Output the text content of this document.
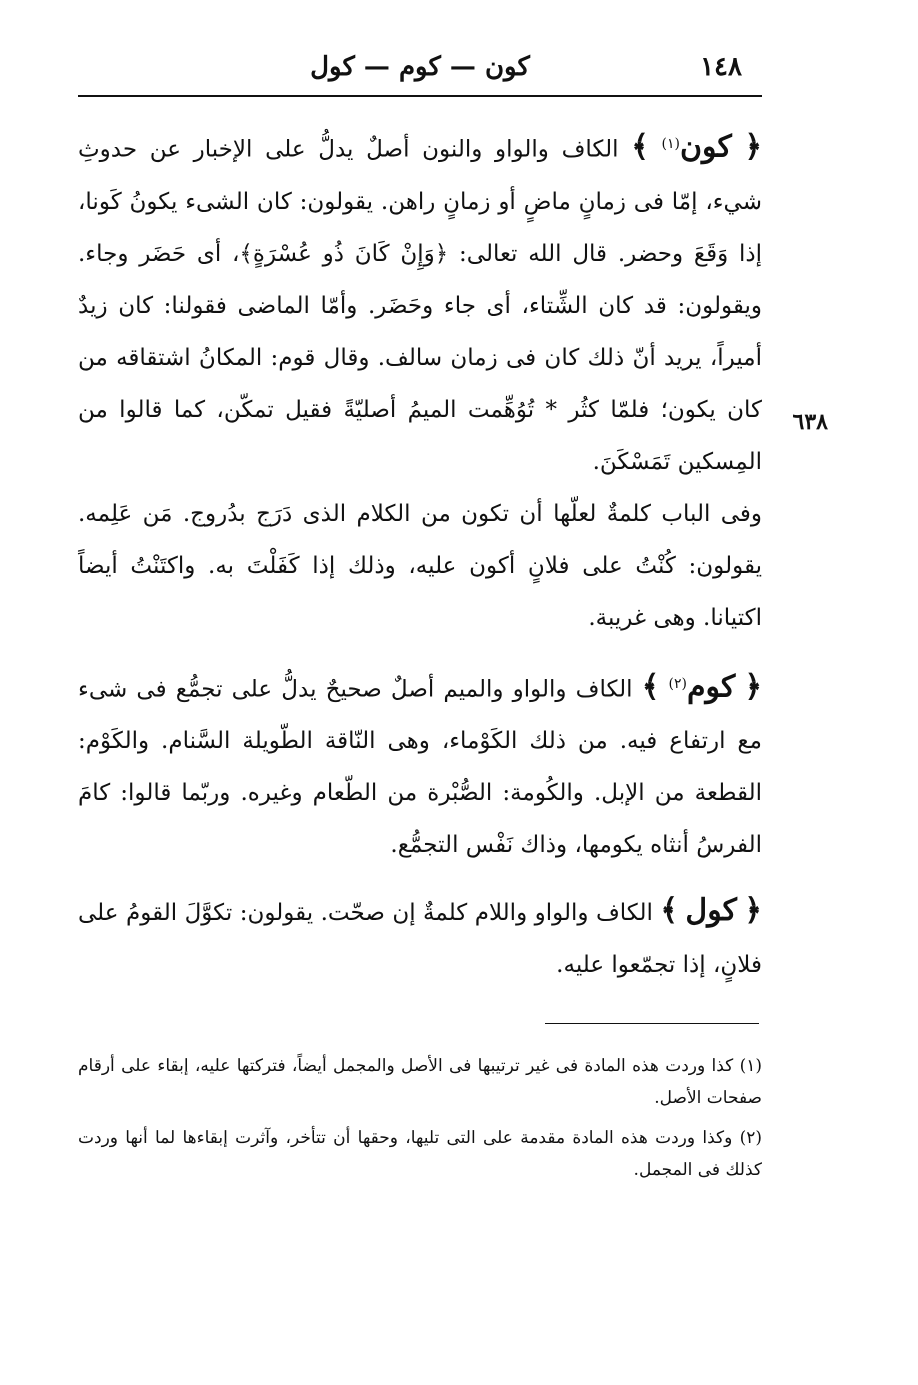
١٤٨
كون — كوم — كول
٦٣٨

﴿ كون$^{(١)}$ ﴾ الكاف والواو والنون أصلٌ يدلُّ على الإخبار عن حدوثِ شيء، إمّا فى زمانٍ ماضٍ أو زمانٍ راهن. يقولون: كان الشىء يكونُ كَونا، إذا وَقَعَ وحضر. قال الله تعالى: ﴿وَإِنْ كَانَ ذُو عُسْرَةٍ﴾، أى حَضَر وجاء. ويقولون: قد كان الشِّتاء، أى جاء وحَضَر. وأمّا الماضى فقولنا: كان زيدٌ أميراً، يريد أنّ ذلك كان فى زمان سالف. وقال قوم: المكانُ اشتقاقه من كان يكون؛ فلمّا كثُر * تُوُهِّمت الميمُ أصليّةً فقيل تمكّن، كما قالوا من المِسكين تَمَسْكَنَ.

وفى الباب كلمةٌ لعلّها أن تكون من الكلام الذى دَرَج بدُروج. مَن عَلِمه. يقولون: كُنْتُ على فلانٍ أكون عليه، وذلك إذا كَفَلْتَ به. واكتَنْتُ أيضاً اكتيانا. وهى غريبة.

﴿ كوم$^{(٢)}$ ﴾ الكاف والواو والميم أصلٌ صحيحٌ يدلُّ على تجمُّع فى شىء مع ارتفاع فيه. من ذلك الكَوْماء، وهى النّاقة الطّويلة السَّنام. والكَوْم: القطعة من الإبل. والكُومة: الصُّبْرة من الطّعام وغيره. وربّما قالوا: كامَ الفرسُ أنثاه يكومها، وذاك نَفْس التجمُّع.

﴿ كول ﴾ الكاف والواو واللام كلمةٌ إن صحّت. يقولون: تكوَّلَ القومُ على فلانٍ، إذا تجمّعوا عليه.

(١) كذا وردت هذه المادة فى غير ترتيبها فى الأصل والمجمل أيضاً، فتركتها عليه، إبقاء على أرقام صفحات الأصل.

(٢) وكذا وردت هذه المادة مقدمة على التى تليها، وحقها أن تتأخر، وآثرت إبقاءها لما أنها وردت كذلك فى المجمل.
